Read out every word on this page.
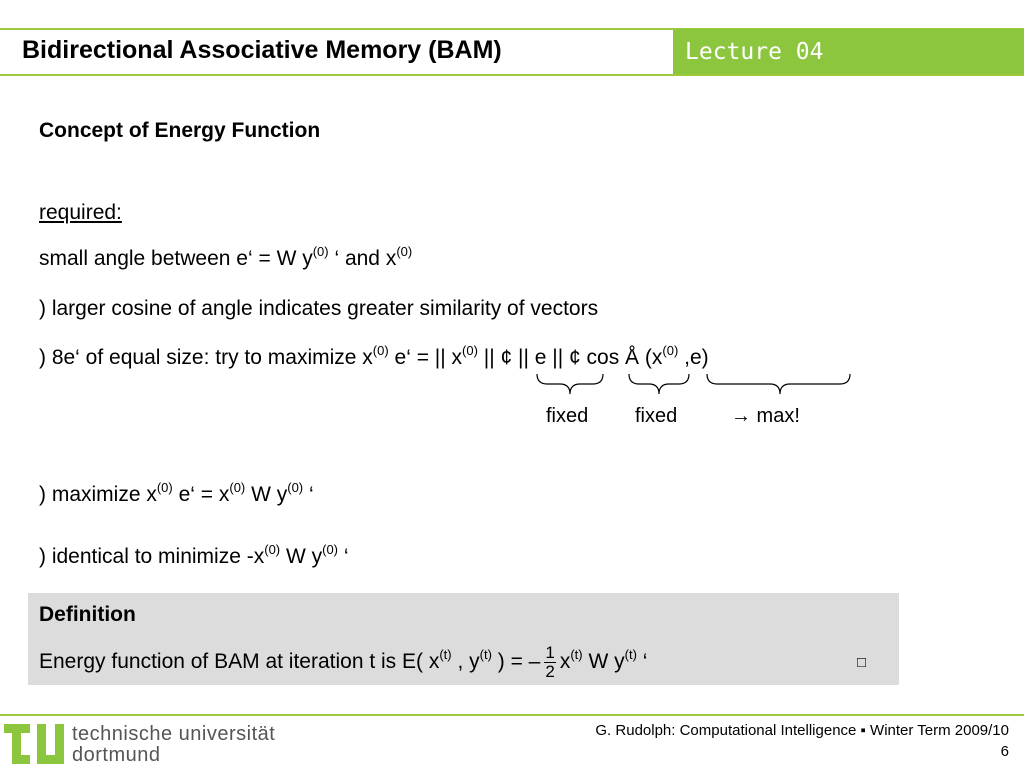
Lecture 04
Bidirectional Associative Memory (BAM)
Concept of Energy Function
required:
small angle between e‘ = W $y^{(0)}$ ‘ and $x^{(0)}$
) larger cosine of angle indicates greater similarity of vectors
) 8e‘ of equal size: try to maximize $x^{(0)}$ e‘ = || $x^{(0)}$ || ¢ || e || ¢ cos Å ($x^{(0)}$ ,e)
fixed fixed	→ max!
) maximize $x^{(0)}$ e‘ = $x^{(0)}$ W $y^{(0)}$ ‘
) identical to minimize $-x^{(0)}$ W $y^{(0)}$ ‘
Definition
Energy function of BAM at iteration t is E( $x^{(t)}$ , $y^{(t)}$ ) = – $\frac{1}{2} x^{(t)}$ W $y^{(t)}$ ‘	□
technische universität
dortmund
G. Rudolph: Computational Intelligence ▪ Winter Term 2009/10
6
